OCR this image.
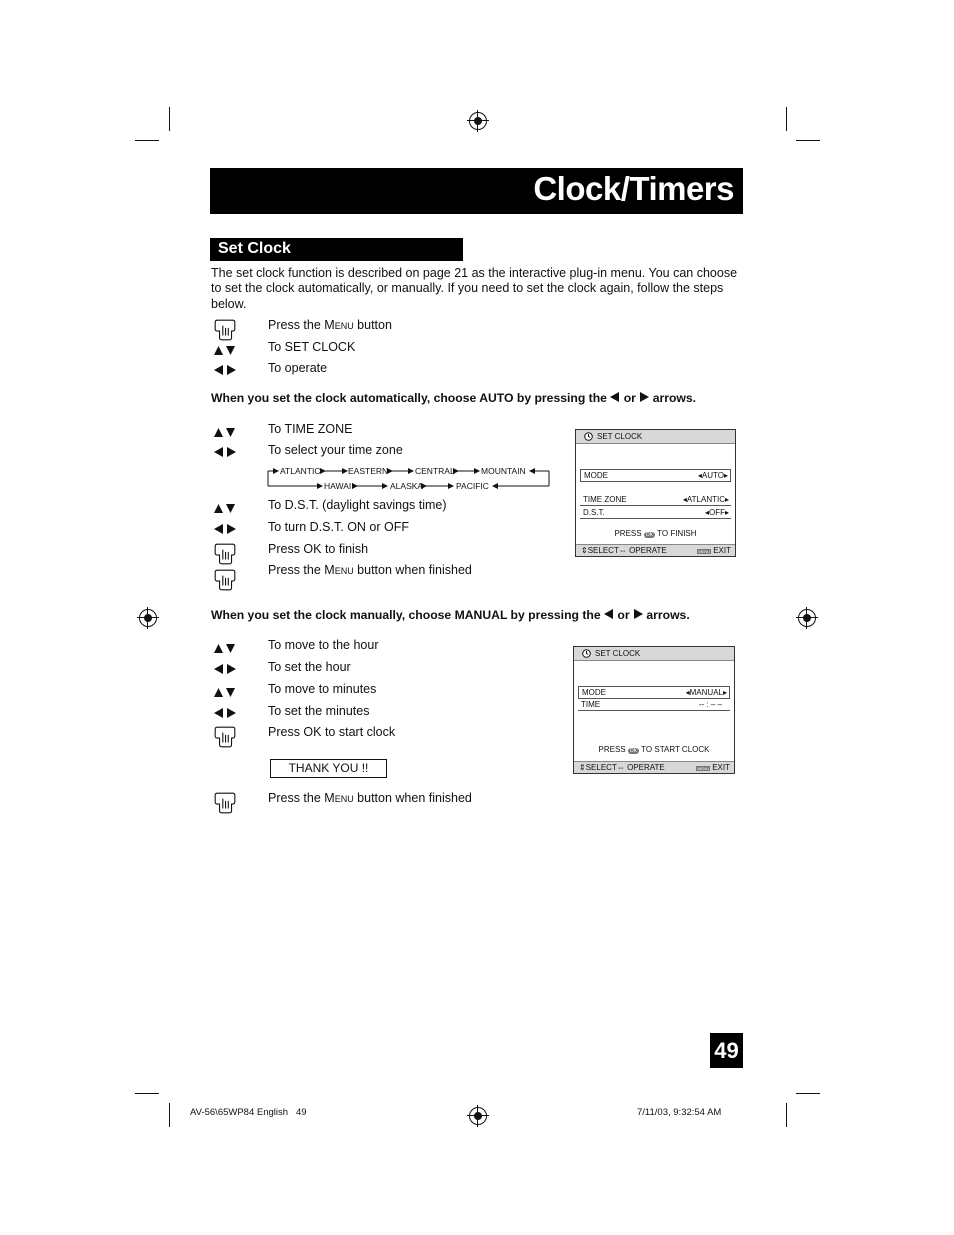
Clock/Timers
Set Clock
The set clock function is described on page 21 as the interactive plug-in menu. You can choose to set the clock automatically, or manually. If you need to set the clock again, follow the steps below.
Press the Menu button
To SET CLOCK
To operate
When you set the clock automatically, choose AUTO by pressing the  or  arrows.
To TIME ZONE
To select your time zone
ATLANTIC	EASTERN	CENTRAL	MOUNTAIN
HAWAII	ALASKA	PACIFIC
To D.S.T. (daylight savings time)
To turn D.S.T. ON or OFF
Press OK to finish
Press the Menu button when finished
SET CLOCK
MODE	◂AUTO▸
TIME ZONE	◂ATLANTIC▸
D.S.T.	◂OFF▸
PRESS OK TO FINISH
⇕SELECT⇔ OPERATE	MENU EXIT
When you set the clock manually, choose MANUAL by pressing the  or  arrows.
To move to the hour
To set the hour
To move to minutes
To set the minutes
Press OK to start clock
THANK YOU !!
Press the Menu button when finished
SET CLOCK
MODE	◂MANUAL▸
TIME	-- : – –
PRESS OK TO START CLOCK
⇕SELECT⇔ OPERATE	MENU EXIT
49
AV-56\65WP84 English   49	7/11/03, 9:32:54 AM
